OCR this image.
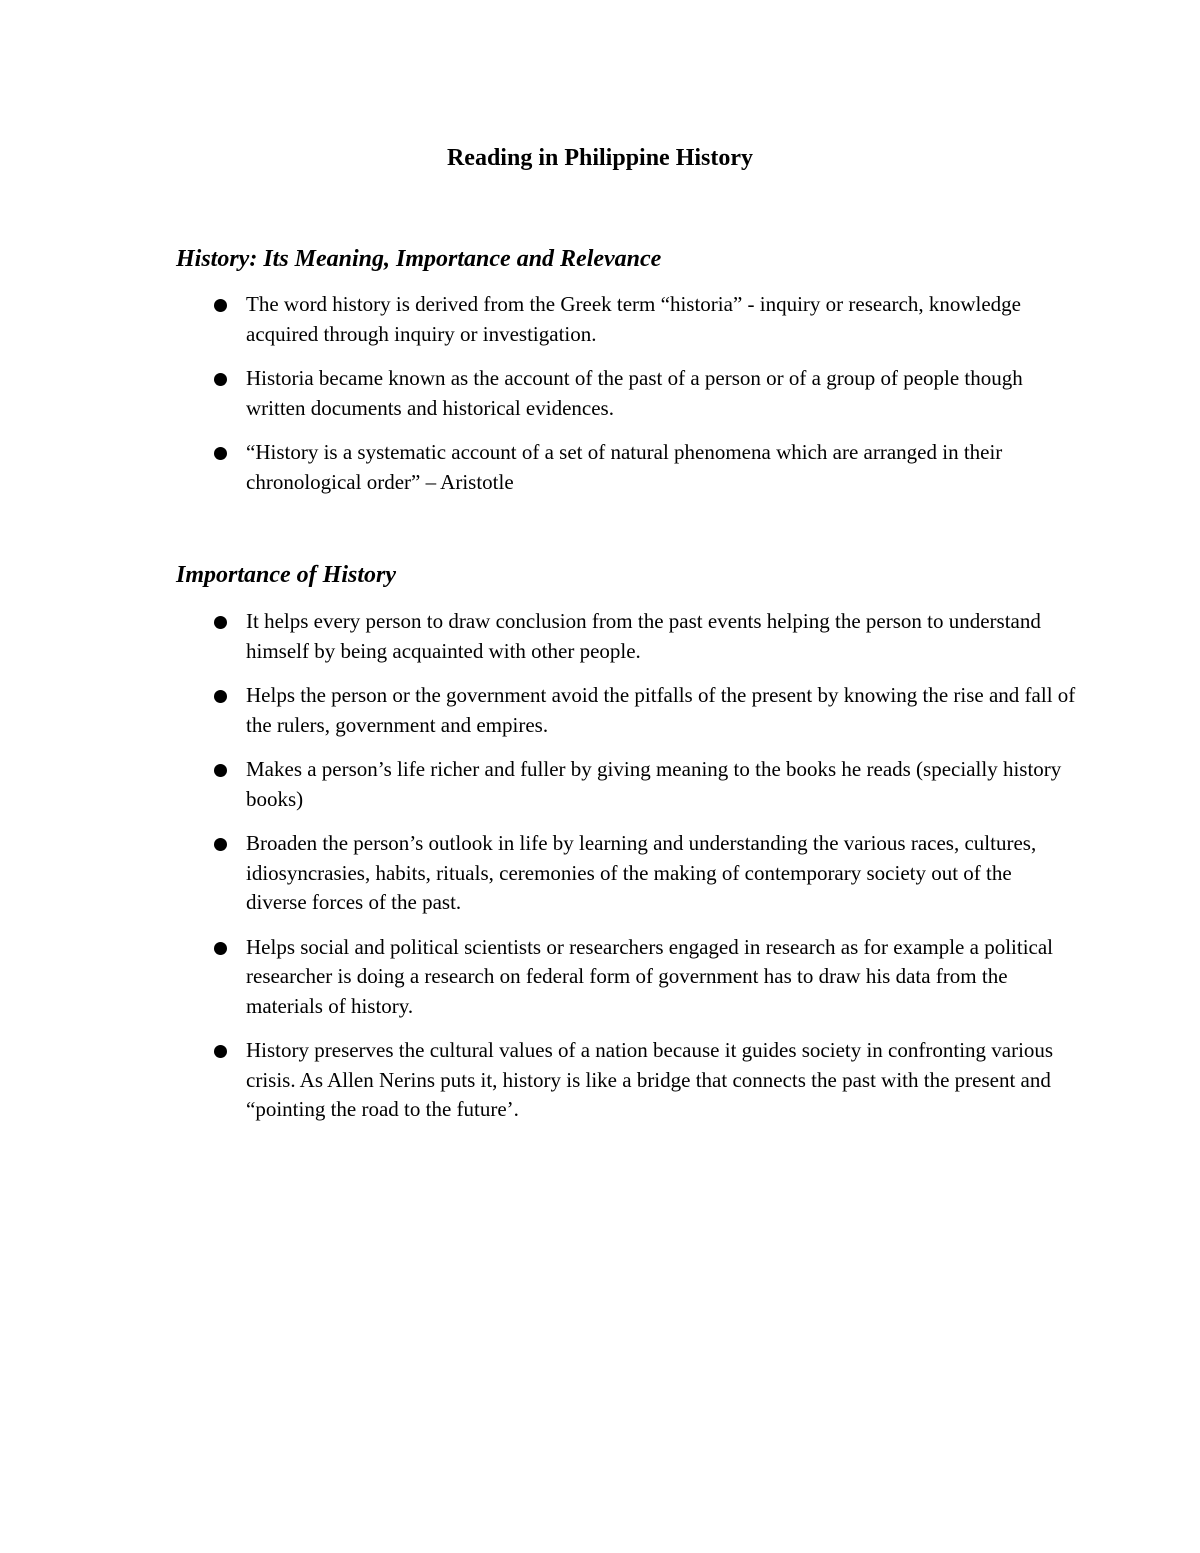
Reading in Philippine History
History: Its Meaning, Importance and Relevance
The word history is derived from the Greek term “historia” - inquiry or research, knowledge acquired through inquiry or investigation.
Historia became known as the account of the past of a person or of a group of people though written documents and historical evidences.
“History is a systematic account of a set of natural phenomena which are arranged in their chronological order” – Aristotle
Importance of History
It helps every person to draw conclusion from the past events helping the person to understand himself by being acquainted with other people.
Helps the person or the government avoid the pitfalls of the present by knowing the rise and fall of the rulers, government and empires.
Makes a person’s life richer and fuller by giving meaning to the books he reads (specially history books)
Broaden the person’s outlook in life by learning and understanding the various races, cultures, idiosyncrasies, habits, rituals, ceremonies of the making of contemporary society out of the diverse forces of the past.
Helps social and political scientists or researchers engaged in research as for example a political researcher is doing a research on federal form of government has to draw his data from the materials of history.
History preserves the cultural values of a nation because it guides society in confronting various crisis. As Allen Nerins puts it, history is like a bridge that connects the past with the present and “pointing the road to the future’.
